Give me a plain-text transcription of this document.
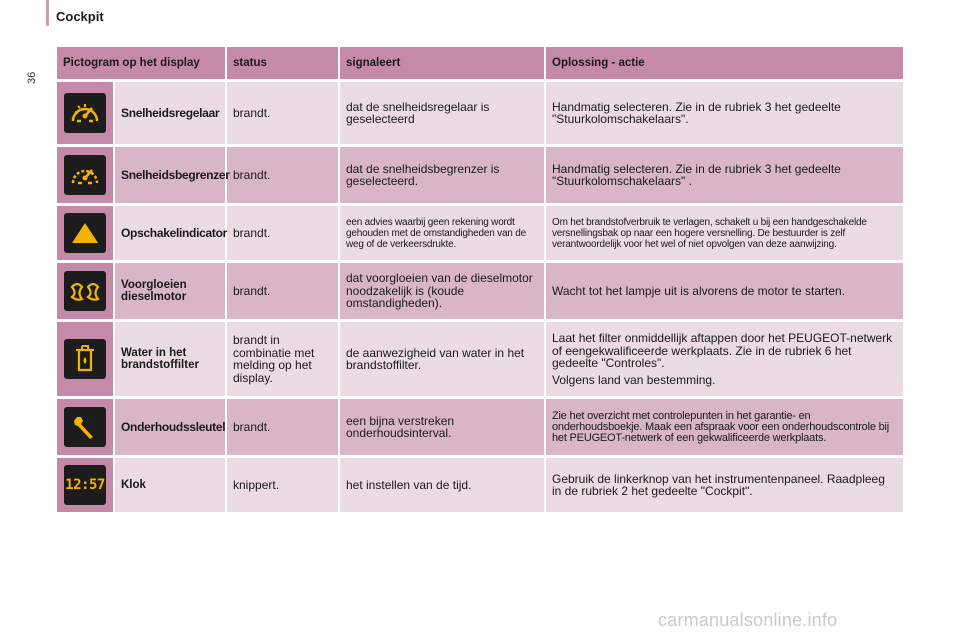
Cockpit
36
carmanualsonline.info
Pictogram op het display		status	signaleert	Oplossing - actie

	Snelheidsregelaar	brandt.	dat de snelheidsregelaar is geselecteerd	Handmatig selecteren. Zie in de rubriek 3 het gedeelte "Stuurkolomschakelaars".

	Snelheidsbegrenzer	brandt.	dat de snelheidsbegrenzer is geselecteerd.	Handmatig selecteren. Zie in de rubriek 3 het gedeelte "Stuurkolomschakelaars" .

	Opschakelindicator	brandt.	een advies waarbij geen rekening wordt gehouden met de omstandigheden van de weg of de verkeersdrukte.	Om het brandstofverbruik te verlagen, schakelt u bij een handgeschakelde versnellingsbak op naar een hogere versnelling. De bestuurder is zelf verantwoordelijk voor het wel of niet opvolgen van deze aanwijzing.

	Voorgloeien dieselmotor	brandt.	dat voorgloeien van de dieselmotor noodzakelijk is (koude omstandigheden).	Wacht tot het lampje uit is alvorens de motor te starten.

	Water in het brandstoffilter	brandt in combinatie met melding op het display.	de aanwezigheid van water in het brandstoffilter.	Laat het filter onmiddellijk aftappen door het PEUGEOT-netwerk of eengekwalificeerde werkplaats. Zie in de rubriek 6 het gedeelte "Controles".
Volgens land van bestemming.

	Onderhoudssleutel	brandt.	een bijna verstreken onderhoudsinterval.	Zie het overzicht met controlepunten in het garantie- en onderhoudsboekje. Maak een afspraak voor een onderhoudscontrole bij het PEUGEOT-netwerk of een gekwalificeerde werkplaats.

12:57	Klok	knippert.	het instellen van de tijd.	Gebruik de linkerknop van het instrumentenpaneel. Raadpleeg in de rubriek 2 het gedeelte "Cockpit".
